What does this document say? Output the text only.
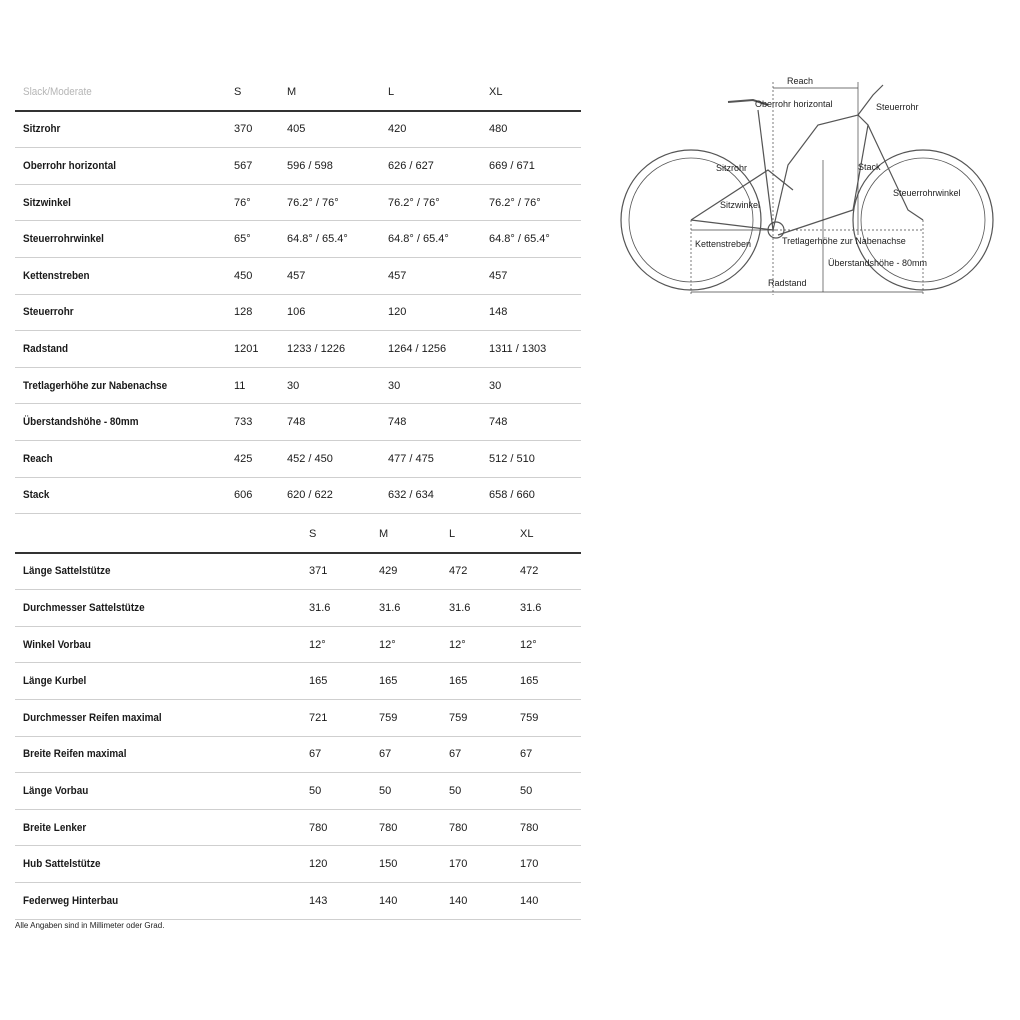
Slack/Moderate	S	M	L	XL
Sitzrohr	370	405	420	480
Oberrohr horizontal	567	596 / 598	626 / 627	669 / 671
Sitzwinkel	76°	76.2° / 76°	76.2° / 76°	76.2° / 76°
Steuerrohrwinkel	65°	64.8° / 65.4°	64.8° / 65.4°	64.8° / 65.4°
Kettenstreben	450	457	457	457
Steuerrohr	128	106	120	148
Radstand	1201	1233 / 1226	1264 / 1256	1311 / 1303
Tretlagerhöhe zur Nabenachse	11	30	30	30
Überstandshöhe - 80mm	733	748	748	748
Reach	425	452 / 450	477 / 475	512 / 510
Stack	606	620 / 622	632 / 634	658 / 660
S	M	L	XL
Länge Sattelstütze	371	429	472	472
Durchmesser Sattelstütze	31.6	31.6	31.6	31.6
Winkel Vorbau	12°	12°	12°	12°
Länge Kurbel	165	165	165	165
Durchmesser Reifen maximal	721	759	759	759
Breite Reifen maximal	67	67	67	67
Länge Vorbau	50	50	50	50
Breite Lenker	780	780	780	780
Hub Sattelstütze	120	150	170	170
Federweg Hinterbau	143	140	140	140
Alle Angaben sind in Millimeter oder Grad.
Reach
Oberrohr horizontal	Steuerrohr
Sitzrohr	Stack
Steuerrohrwinkel
Sitzwinkel
Kettenstreben	Tretlagerhöhe zur Nabenachse
Überstandshöhe - 80mm
Radstand
